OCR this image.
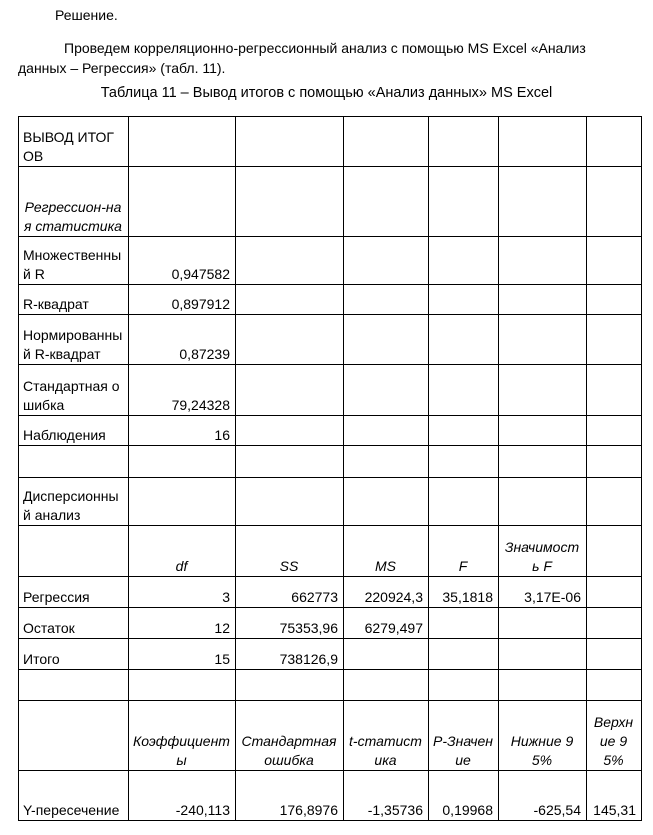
Решение.
Проведем корреляционно-регрессионный анализ с помощью MS Excel «Анализ данных – Регрессия» (табл. 11).
Таблица 11 – Вывод итогов с помощью «Анализ данных» MS Excel
ВЫВОД ИТОГОВ						
Регрессион-ная статистика						
Множественный R	0,947582					
R-квадрат	0,897912					
Нормированный R-квадрат	0,87239					
Стандартная ошибка	79,24328					
Наблюдения	16					

Дисперсионный анализ						
	df	SS	MS	F	Значимость F	
Регрессия	3	662773	220924,3	35,1818	3,17E-06	
Остаток	12	75353,96	6279,497			
Итого	15	738126,9				

	Коэффициенты	Стандартная ошибка	t-статистика	P-Значение	Нижние 95%	Верхние 95%
Y-пересечение	-240,113	176,8976	-1,35736	0,19968	-625,54	145,31
